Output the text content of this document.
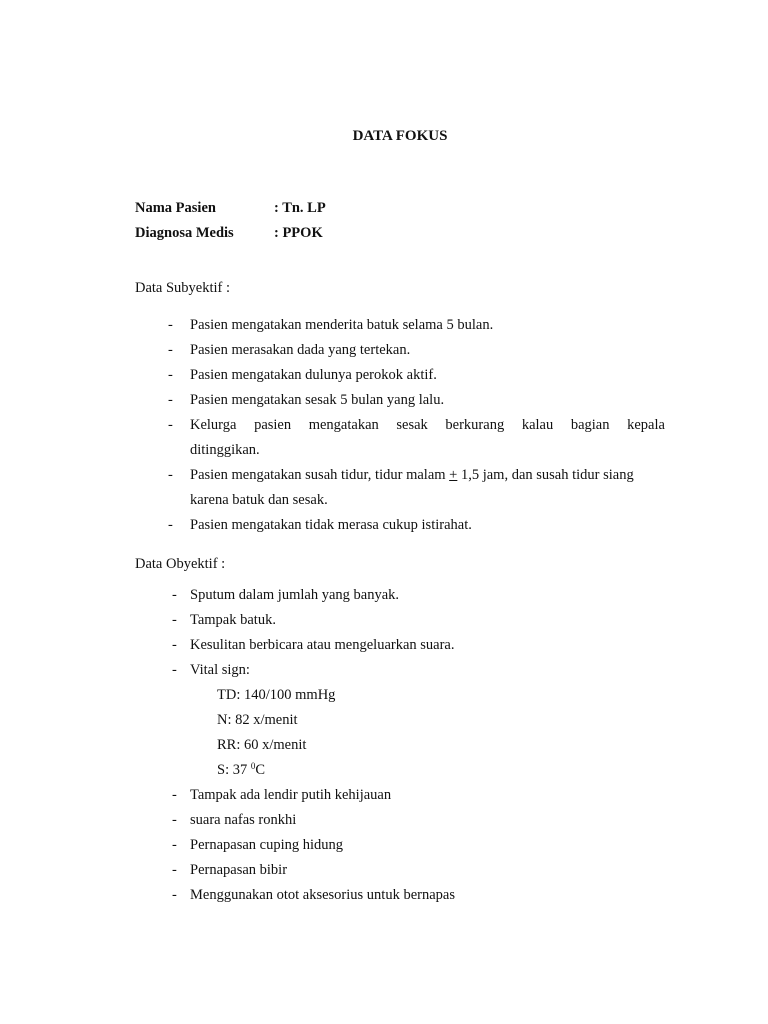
DATA FOKUS
Nama Pasien	: Tn. LP
Diagnosa Medis	: PPOK
Data Subyektif :
- Pasien mengatakan menderita batuk selama 5 bulan.
- Pasien merasakan dada yang tertekan.
- Pasien mengatakan dulunya perokok aktif.
- Pasien mengatakan sesak 5 bulan yang lalu.
- Kelurga pasien mengatakan sesak berkurang kalau bagian kepala
ditinggikan.
- Pasien mengatakan susah tidur, tidur malam + 1,5 jam, dan susah tidur siang
karena batuk dan sesak.
- Pasien mengatakan tidak merasa cukup istirahat.
Data Obyektif :
- Sputum dalam jumlah yang banyak.
- Tampak batuk.
- Kesulitan berbicara atau mengeluarkan suara.
- Vital sign:
TD: 140/100 mmHg
N: 82 x/menit
RR: 60 x/menit
S: 37 $^0$C
- Tampak ada lendir putih kehijauan
- suara nafas ronkhi
- Pernapasan cuping hidung
- Pernapasan bibir
- Menggunakan otot aksesorius untuk bernapas
